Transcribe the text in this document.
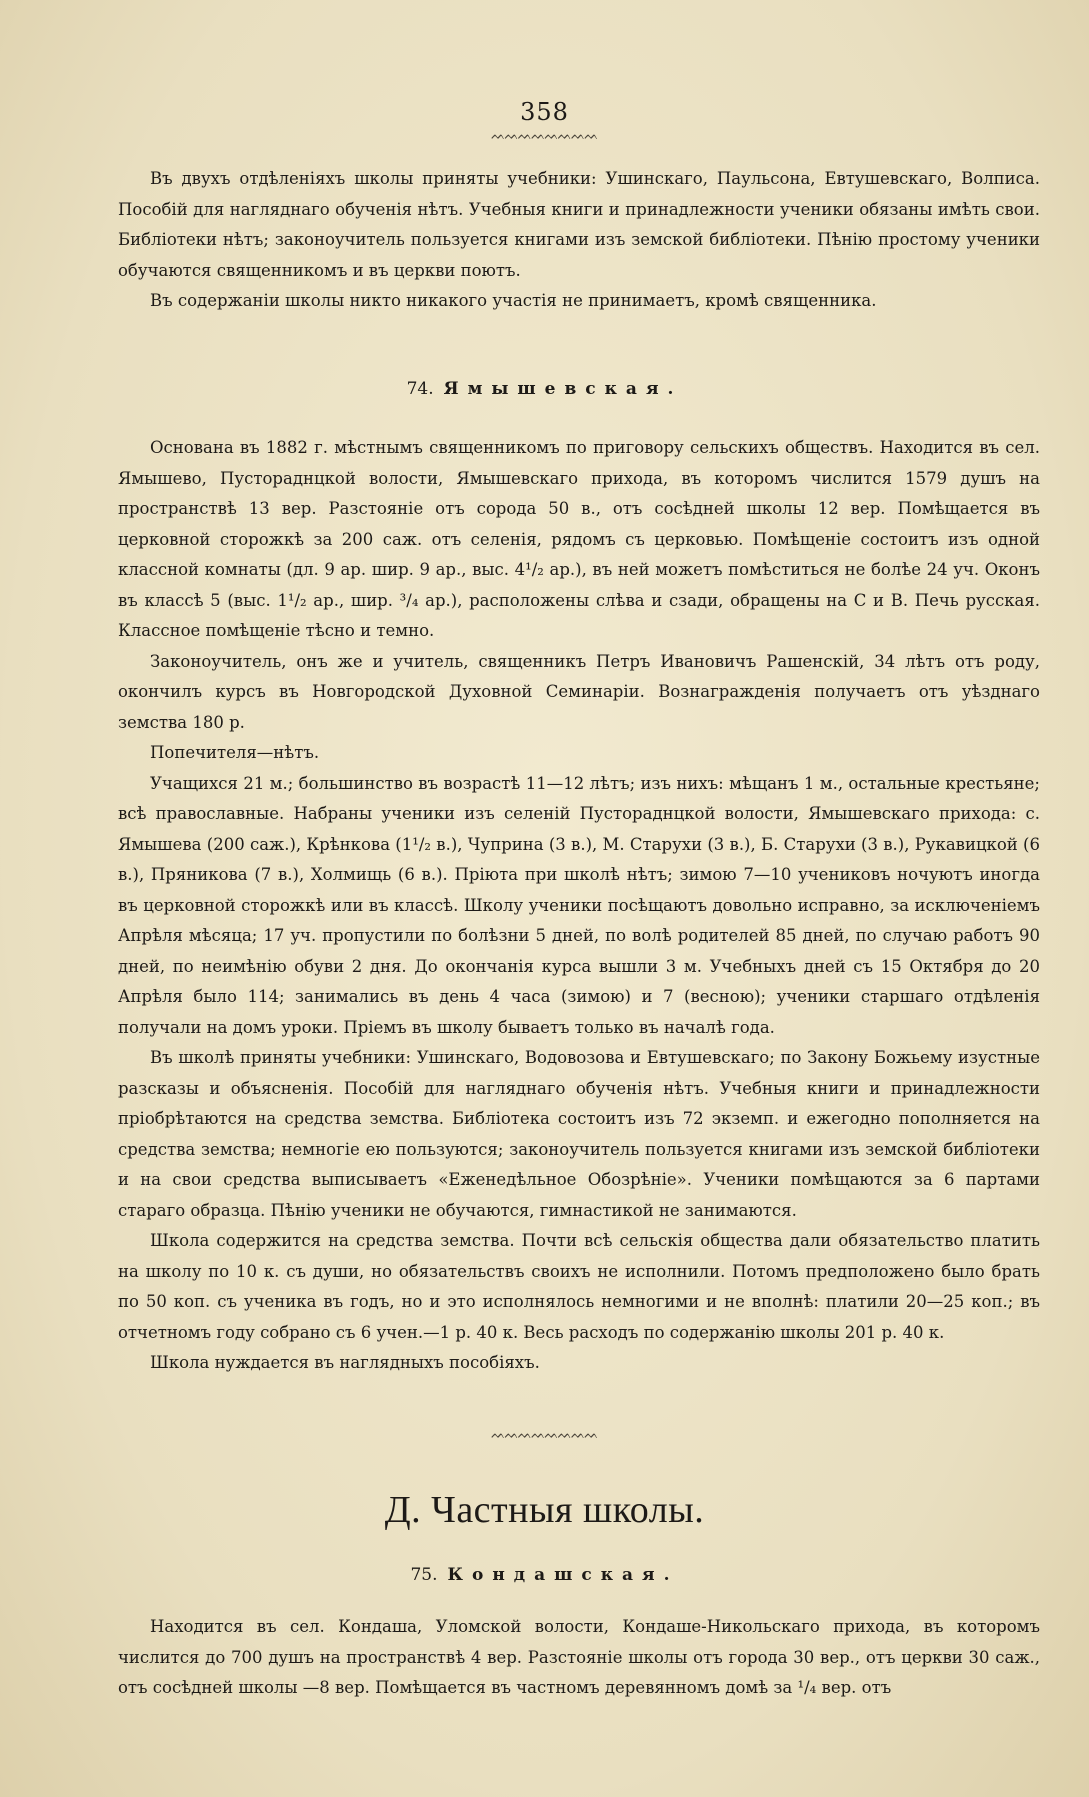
358
ᨓᨓᨓᨓᨓᨓᨓᨓ

Въ двухъ отдѣленіяхъ школы приняты учебники: Ушинскаго, Паульсона, Евтушевскаго, Волписа. Пособій для нагляднаго обученія нѣтъ. Учебныя книги и принадлежности ученики обязаны имѣть свои. Библіотеки нѣтъ; законоучитель пользуется книгами изъ земской библіотеки. Пѣнію простому ученики обучаются священникомъ и въ церкви поютъ.

Въ содержаніи школы никто никакого участія не принимаетъ, кромѣ священника.

74. Ямышевская.

Основана въ 1882 г. мѣстнымъ священникомъ по приговору сельскихъ обществъ. Находится въ сел. Ямышево, Пустораднцкой волости, Ямышевскаго прихода, въ которомъ числится 1579 душъ на пространствѣ 13 вер. Разстояніе отъ сорода 50 в., отъ сосѣдней школы 12 вер. Помѣщается въ церковной сторожкѣ за 200 саж. отъ селенія, рядомъ съ церковью. Помѣщеніе состоитъ изъ одной классной комнаты (дл. 9 ар. шир. 9 ар., выс. 4¹/₂ ар.), въ ней можетъ помѣститься не болѣе 24 уч. Оконъ въ классѣ 5 (выс. 1¹/₂ ар., шир. ³/₄ ар.), расположены слѣва и сзади, обращены на С и В. Печь русская. Классное помѣщеніе тѣсно и темно.

Законоучитель, онъ же и учитель, священникъ Петръ Ивановичъ Рашенскій, 34 лѣтъ отъ роду, окончилъ курсъ въ Новгородской Духовной Семинаріи. Вознагражденія получаетъ отъ уѣзднаго земства 180 р.

Попечителя—нѣтъ.

Учащихся 21 м.; большинство въ возрастѣ 11—12 лѣтъ; изъ нихъ: мѣщанъ 1 м., остальные крестьяне; всѣ православные. Набраны ученики изъ селеній Пустораднцкой волости, Ямышевскаго прихода: с. Ямышева (200 саж.), Крѣнкова (1¹/₂ в.), Чуприна (3 в.), М. Старухи (3 в.), Б. Старухи (3 в.), Рукавицкой (6 в.), Пряникова (7 в.), Холмищь (6 в.). Пріюта при школѣ нѣтъ; зимою 7—10 учениковъ ночуютъ иногда въ церковной сторожкѣ или въ классѣ. Школу ученики посѣщаютъ довольно исправно, за исключеніемъ Апрѣля мѣсяца; 17 уч. пропустили по болѣзни 5 дней, по волѣ родителей 85 дней, по случаю работъ 90 дней, по неимѣнію обуви 2 дня. До окончанія курса вышли 3 м. Учебныхъ дней съ 15 Октября до 20 Апрѣля было 114; занимались въ день 4 часа (зимою) и 7 (весною); ученики старшаго отдѣленія получали на домъ уроки. Пріемъ въ школу бываетъ только въ началѣ года.

Въ школѣ приняты учебники: Ушинскаго, Водовозова и Евтушевскаго; по Закону Божьему изустные разсказы и объясненія. Пособій для нагляднаго обученія нѣтъ. Учебныя книги и принадлежности пріобрѣтаются на средства земства. Библіотека состоитъ изъ 72 экземп. и ежегодно пополняется на средства земства; немногіе ею пользуются; законоучитель пользуется книгами изъ земской библіотеки и на свои средства выписываетъ «Еженедѣльное Обозрѣніе». Ученики помѣщаются за 6 партами стараго образца. Пѣнію ученики не обучаются, гимнастикой не занимаются.

Школа содержится на средства земства. Почти всѣ сельскія общества дали обязательство платить на школу по 10 к. съ души, но обязательствъ своихъ не исполнили. Потомъ предположено было брать по 50 коп. съ ученика въ годъ, но и это исполнялось немногими и не вполнѣ: платили 20—25 коп.; въ отчетномъ году собрано съ 6 учен.—1 р. 40 к. Весь расходъ по содержанію школы 201 р. 40 к.

Школа нуждается въ наглядныхъ пособіяхъ.

ᨓᨓᨓᨓᨓᨓᨓᨓ
Д. Частныя школы.
75. Кондашская.

Находится въ сел. Кондаша, Уломской волости, Кондаше-Никольскаго прихода, въ которомъ числится до 700 душъ на пространствѣ 4 вер. Разстояніе школы отъ города 30 вер., отъ церкви 30 саж., отъ сосѣдней школы —8 вер. Помѣщается въ частномъ деревянномъ домѣ за ¹/₄ вер. отъ
